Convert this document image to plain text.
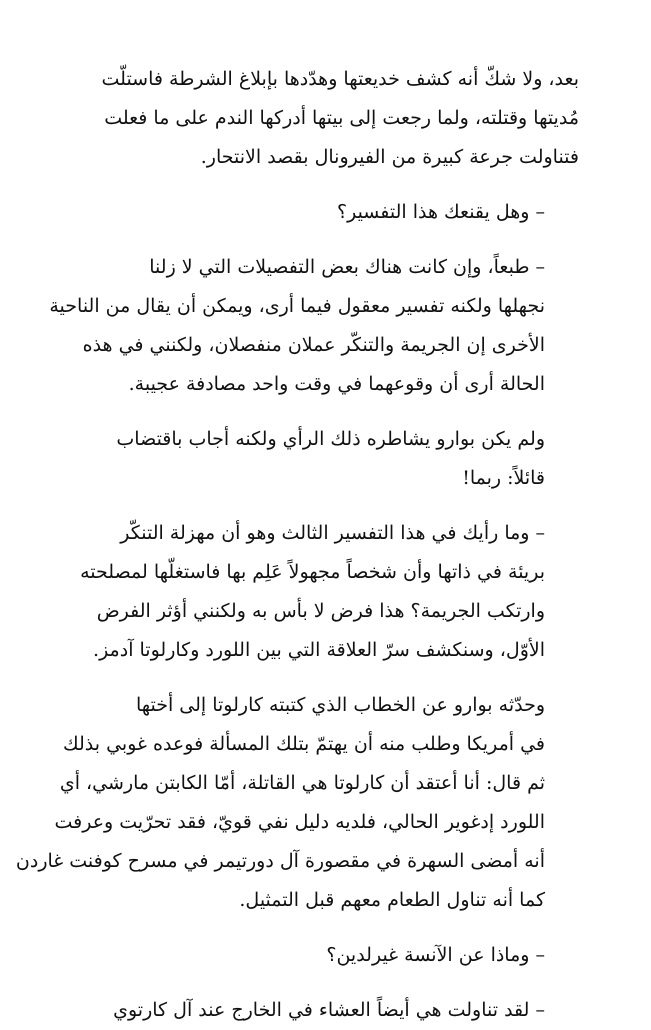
بعد، ولا شكّ أنه كشف خديعتها وهدّدها بإبلاغ الشرطة فاستلّت
مُديتها وقتلته، ولما رجعت إلى بيتها أدركها الندم على ما فعلت
فتناولت جرعة كبيرة من الفيرونال بقصد الانتحار.

– وهل يقنعك هذا التفسير؟

– طبعاً، وإن كانت هناك بعض التفصيلات التي لا زلنا
نجهلها ولكنه تفسير معقول فيما أرى، ويمكن أن يقال من الناحية
الأخرى إن الجريمة والتنكّر عملان منفصلان، ولكنني في هذه
الحالة أرى أن وقوعهما في وقت واحد مصادفة عجيبة.

ولم يكن بوارو يشاطره ذلك الرأي ولكنه أجاب باقتضاب
قائلاً: ربما!

– وما رأيك في هذا التفسير الثالث وهو أن مهزلة التنكّر
بريئة في ذاتها وأن شخصاً مجهولاً عَلِم بها فاستغلّها لمصلحته
وارتكب الجريمة؟ هذا فرض لا بأس به ولكنني أؤثر الفرض
الأوّل، وسنكشف سرّ العلاقة التي بين اللورد وكارلوتا آدمز.

وحدّثه بوارو عن الخطاب الذي كتبته كارلوتا إلى أختها
في أمريكا وطلب منه أن يهتمّ بتلك المسألة فوعده غوبي بذلك
ثم قال: أنا أعتقد أن كارلوتا هي القاتلة، أمّا الكابتن مارشي، أي
اللورد إدغوير الحالي، فلديه دليل نفي قويّ، فقد تحرّيت وعرفت
أنه أمضى السهرة في مقصورة آل دورتيمر في مسرح كوفنت غاردن
كما أنه تناول الطعام معهم قبل التمثيل.

– وماذا عن الآنسة غيرلدين؟

– لقد تناولت هي أيضاً العشاء في الخارج عند آل كارتوي
